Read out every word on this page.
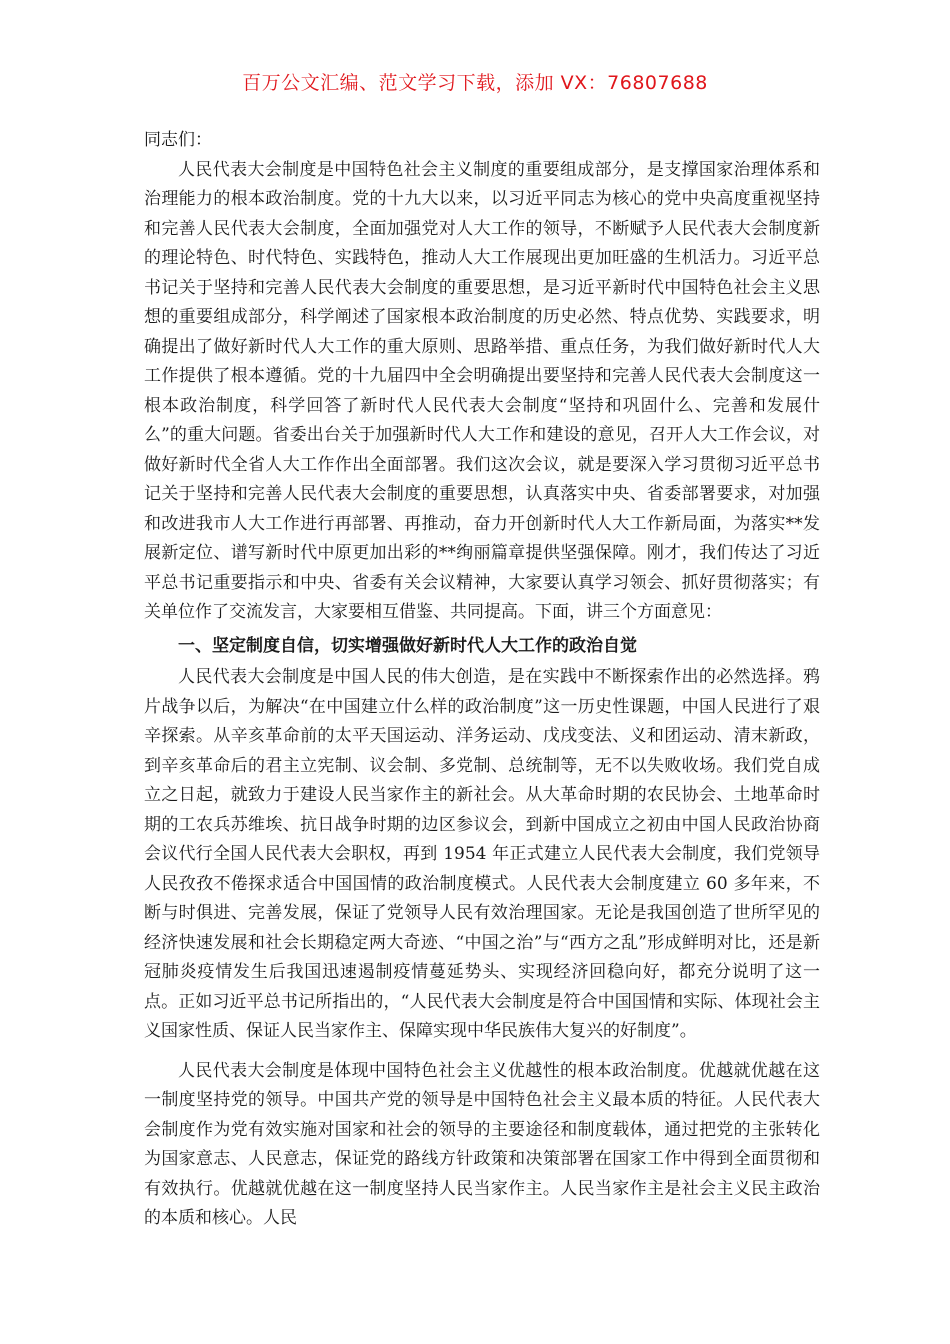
百万公文汇编、范文学习下载，添加 VX：76807688

同志们：

人民代表大会制度是中国特色社会主义制度的重要组成部分，是支撑国家治理体系和治理能力的根本政治制度。党的十九大以来，以习近平同志为核心的党中央高度重视坚持和完善人民代表大会制度，全面加强党对人大工作的领导，不断赋予人民代表大会制度新的理论特色、时代特色、实践特色，推动人大工作展现出更加旺盛的生机活力。习近平总书记关于坚持和完善人民代表大会制度的重要思想，是习近平新时代中国特色社会主义思想的重要组成部分，科学阐述了国家根本政治制度的历史必然、特点优势、实践要求，明确提出了做好新时代人大工作的重大原则、思路举措、重点任务，为我们做好新时代人大工作提供了根本遵循。党的十九届四中全会明确提出要坚持和完善人民代表大会制度这一根本政治制度，科学回答了新时代人民代表大会制度“坚持和巩固什么、完善和发展什么”的重大问题。省委出台关于加强新时代人大工作和建设的意见，召开人大工作会议，对做好新时代全省人大工作作出全面部署。我们这次会议，就是要深入学习贯彻习近平总书记关于坚持和完善人民代表大会制度的重要思想，认真落实中央、省委部署要求，对加强和改进我市人大工作进行再部署、再推动，奋力开创新时代人大工作新局面，为落实**发展新定位、谱写新时代中原更加出彩的**绚丽篇章提供坚强保障。刚才，我们传达了习近平总书记重要指示和中央、省委有关会议精神，大家要认真学习领会、抓好贯彻落实；有关单位作了交流发言，大家要相互借鉴、共同提高。下面，讲三个方面意见：

一、坚定制度自信，切实增强做好新时代人大工作的政治自觉

人民代表大会制度是中国人民的伟大创造，是在实践中不断探索作出的必然选择。鸦片战争以后，为解决“在中国建立什么样的政治制度”这一历史性课题，中国人民进行了艰辛探索。从辛亥革命前的太平天国运动、洋务运动、戊戌变法、义和团运动、清末新政，到辛亥革命后的君主立宪制、议会制、多党制、总统制等，无不以失败收场。我们党自成立之日起，就致力于建设人民当家作主的新社会。从大革命时期的农民协会、土地革命时期的工农兵苏维埃、抗日战争时期的边区参议会，到新中国成立之初由中国人民政治协商会议代行全国人民代表大会职权，再到 1954 年正式建立人民代表大会制度，我们党领导人民孜孜不倦探求适合中国国情的政治制度模式。人民代表大会制度建立 60 多年来，不断与时俱进、完善发展，保证了党领导人民有效治理国家。无论是我国创造了世所罕见的经济快速发展和社会长期稳定两大奇迹、“中国之治”与“西方之乱”形成鲜明对比，还是新冠肺炎疫情发生后我国迅速遏制疫情蔓延势头、实现经济回稳向好，都充分说明了这一点。正如习近平总书记所指出的，“人民代表大会制度是符合中国国情和实际、体现社会主义国家性质、保证人民当家作主、保障实现中华民族伟大复兴的好制度”。

人民代表大会制度是体现中国特色社会主义优越性的根本政治制度。优越就优越在这一制度坚持党的领导。中国共产党的领导是中国特色社会主义最本质的特征。人民代表大会制度作为党有效实施对国家和社会的领导的主要途径和制度载体，通过把党的主张转化为国家意志、人民意志，保证党的路线方针政策和决策部署在国家工作中得到全面贯彻和有效执行。优越就优越在这一制度坚持人民当家作主。人民当家作主是社会主义民主政治的本质和核心。人民
